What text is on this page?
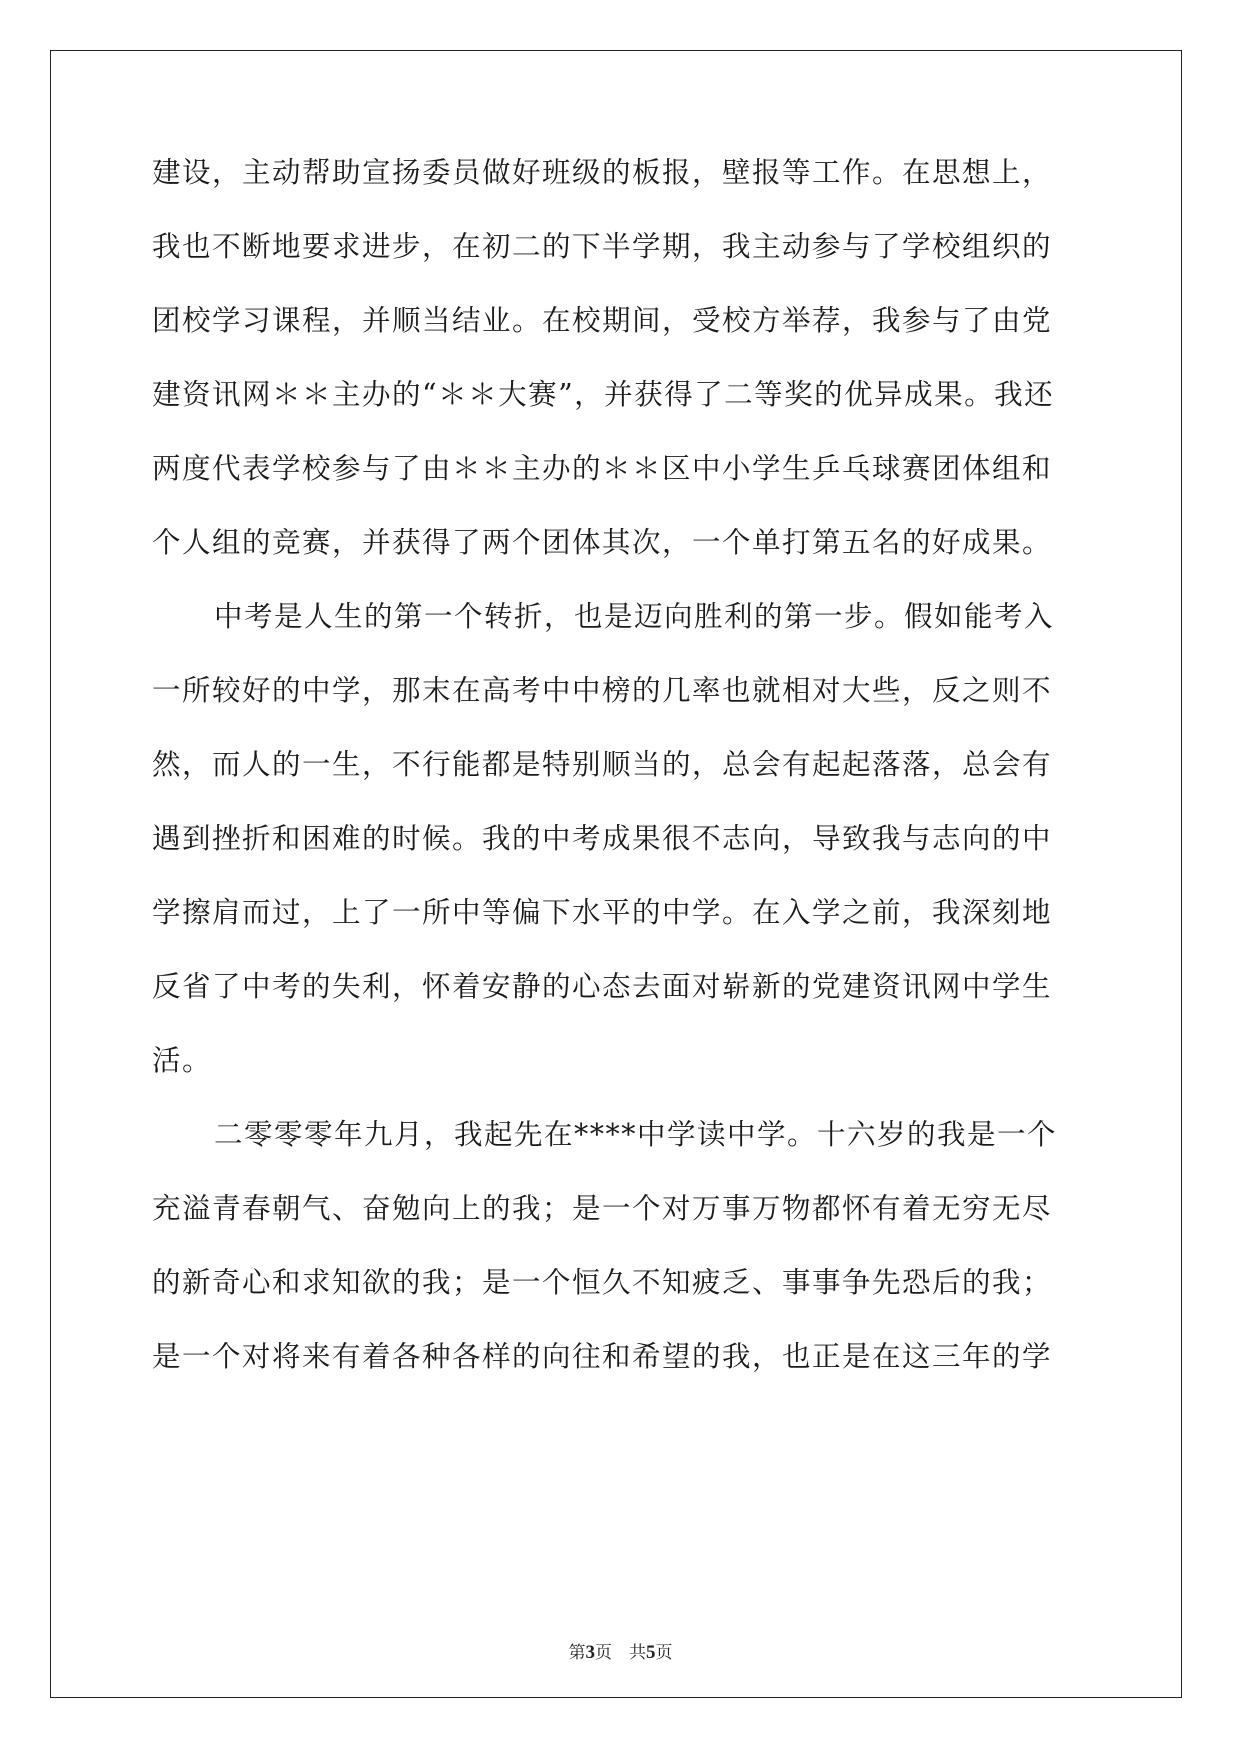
建设，主动帮助宣扬委员做好班级的板报，壁报等工作。在思想上，
我也不断地要求进步，在初二的下半学期，我主动参与了学校组织的
团校学习课程，并顺当结业。在校期间，受校方举荐，我参与了由党
建资讯网＊＊主办的“＊＊大赛”，并获得了二等奖的优异成果。我还
两度代表学校参与了由＊＊主办的＊＊区中小学生乒乓球赛团体组和
个人组的竞赛，并获得了两个团体其次，一个单打第五名的好成果。
中考是人生的第一个转折，也是迈向胜利的第一步。假如能考入
一所较好的中学，那末在高考中中榜的几率也就相对大些，反之则不
然，而人的一生，不行能都是特别顺当的，总会有起起落落，总会有
遇到挫折和困难的时候。我的中考成果很不志向，导致我与志向的中
学擦肩而过，上了一所中等偏下水平的中学。在入学之前，我深刻地
反省了中考的失利，怀着安静的心态去面对崭新的党建资讯网中学生
活。
二零零零年九月，我起先在****中学读中学。十六岁的我是一个
充溢青春朝气、奋勉向上的我；是一个对万事万物都怀有着无穷无尽
的新奇心和求知欲的我；是一个恒久不知疲乏、事事争先恐后的我；
是一个对将来有着各种各样的向往和希望的我，也正是在这三年的学
第3页　共5页
